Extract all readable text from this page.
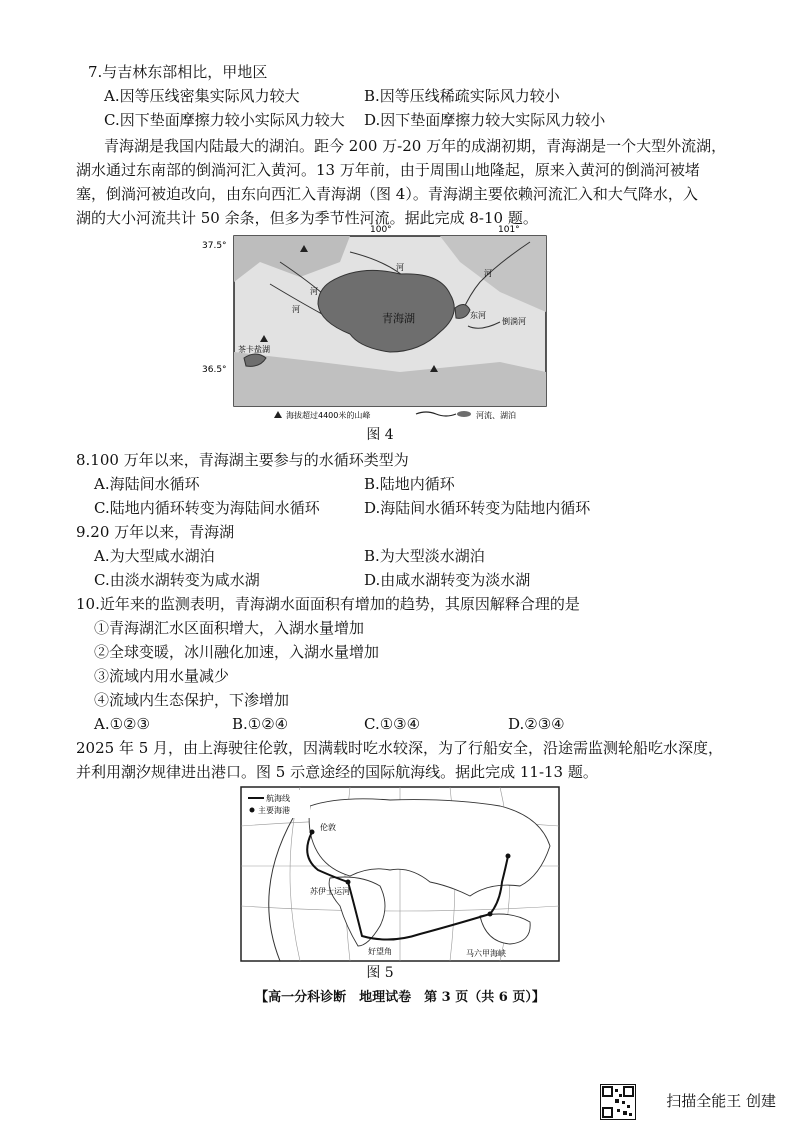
7.与吉林东部相比，甲地区
A.因等压线密集实际风力较大	B.因等压线稀疏实际风力较小
C.因下垫面摩擦力较小实际风力较大 D.因下垫面摩擦力较大实际风力较小
青海湖是我国内陆最大的湖泊。距今 200 万-20 万年的成湖初期，青海湖是一个大型外流湖，
湖水通过东南部的倒淌河汇入黄河。13 万年前，由于周围山地隆起，原来入黄河的倒淌河被堵
塞，倒淌河被迫改向，由东向西汇入青海湖（图 4）。青海湖主要依赖河流汇入和大气降水，入
湖的大小河流共计 50 余条，但多为季节性河流。据此完成 8-10 题。
100°	101°
37.5°
36.5°
青海湖
茶卡盐湖
河
河
河
河
东河
倒淌河
海拔超过4400米的山峰	河流、湖泊
图 4
8.100 万年以来，青海湖主要参与的水循环类型为
A.海陆间水循环	B.陆地内循环
C.陆地内循环转变为海陆间水循环	D.海陆间水循环转变为陆地内循环
9.20 万年以来，青海湖
A.为大型咸水湖泊	B.为大型淡水湖泊
C.由淡水湖转变为咸水湖	D.由咸水湖转变为淡水湖
10.近年来的监测表明，青海湖水面面积有增加的趋势，其原因解释合理的是
①青海湖汇水区面积增大，入湖水量增加
②全球变暖，冰川融化加速，入湖水量增加
③流域内用水量减少
④流域内生态保护，下渗增加
A.①②③	B.①②④	C.①③④	D.②③④
2025 年 5 月，由上海驶往伦敦，因满载时吃水较深，为了行船安全，沿途需监测轮船吃水深度，
并利用潮汐规律进出港口。图 5 示意途经的国际航海线。据此完成 11-13 题。
伦敦
苏伊士运河
好望角	马六甲海峡
航海线
主要海港
图 5
【高一分科诊断　地理试卷　第 3 页（共 6 页）】
扫描全能王 创建
